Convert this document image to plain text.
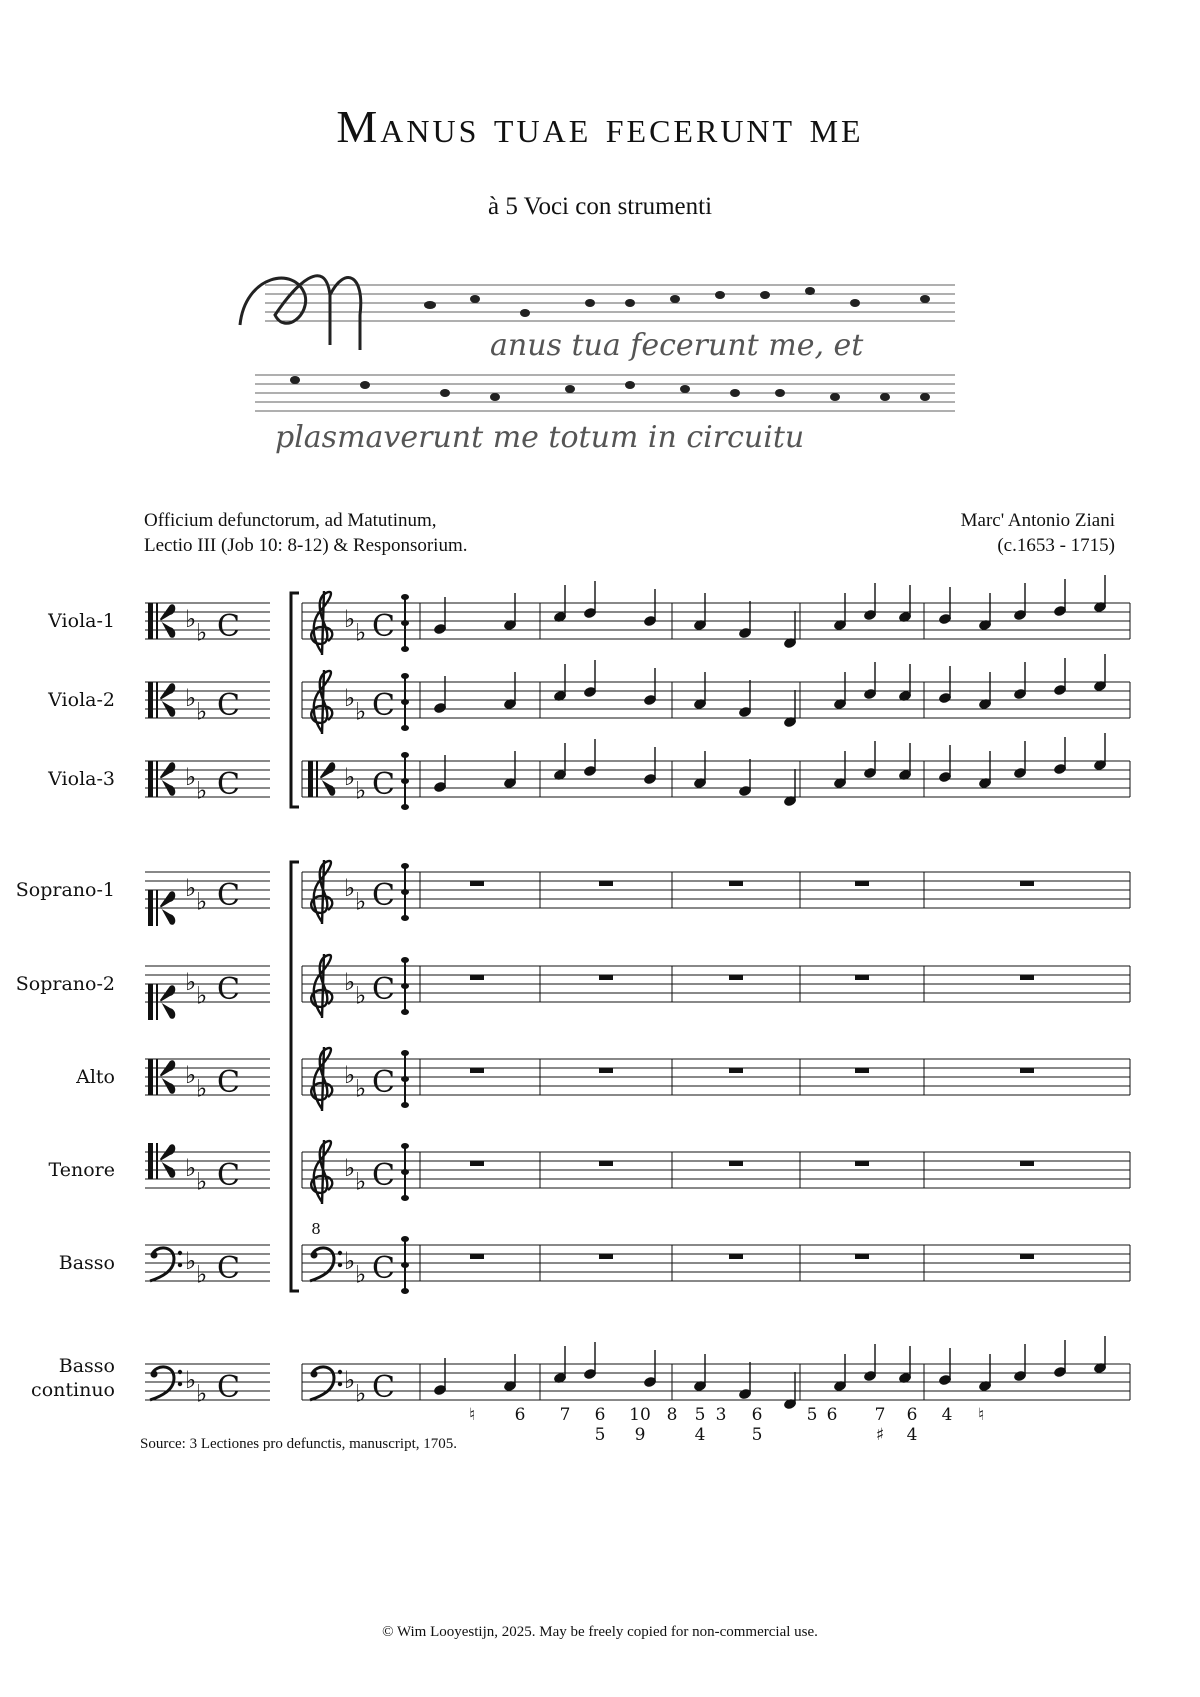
Manus tuae fecerunt me
à 5 Voci con strumenti
anus tua fecerunt me, et
plasmaverunt me totum in circuitu
Officium defunctorum, ad Matutinum,
Lectio III (Job 10: 8-12) & Responsorium.
Marc' Antonio Ziani
(c.1653 - 1715)
Viola-1	♭ ♭ C	♭ ♭ C
Viola-2	♭ ♭ C	♭ ♭ C
Viola-3	♭ ♭ C	♭ ♭ C
Soprano-1	♭ ♭ C	♭ ♭ C
Soprano-2	♭ ♭ C	♭ ♭ C
Alto	♭ ♭ C	♭ ♭ C
Tenore	♭ ♭ C
8
♭ ♭ C
Basso	♭ ♭ C	♭ ♭ C
Basso
continuo	♭ ♭ C	♭ ♭ C
♮ 6 7 6
5
10
9
8 5
4
3 6
5
5 6 7
♯
6
4
4 ♮
Source: 3 Lectiones pro defunctis, manuscript, 1705.
© Wim Looyestijn, 2025. May be freely copied for non-commercial use.
